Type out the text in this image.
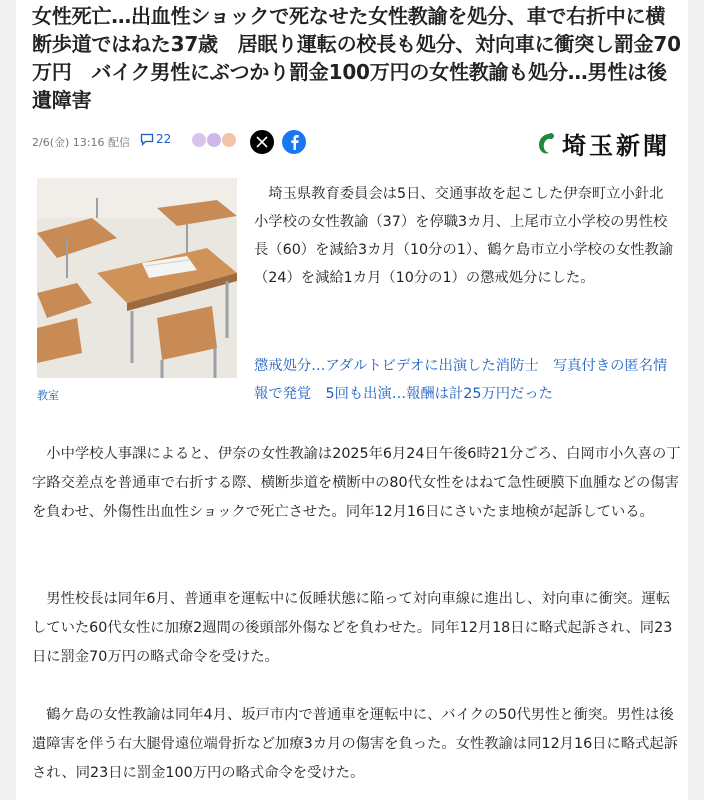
女性死亡…出血性ショックで死なせた女性教諭を処分、車で右折中に横断歩道ではねた37歳　居眠り運転の校長も処分、対向車に衝突し罰金70万円　バイク男性にぶつかり罰金100万円の女性教諭も処分…男性は後遺障害
2/6(金) 13:16 配信 22	埼玉新聞
教室

埼玉県教育委員会は5日、交通事故を起こした伊奈町立小針北小学校の女性教諭（37）を停職3カ月、上尾市立小学校の男性校長（60）を減給3カ月（10分の1）、鶴ケ島市立小学校の女性教諭（24）を減給1カ月（10分の1）の懲戒処分にした。

懲戒処分…アダルトビデオに出演した消防士　写真付きの匿名情報で発覚　5回も出演…報酬は計25万円だった

小中学校人事課によると、伊奈の女性教諭は2025年6月24日午後6時21分ごろ、白岡市小久喜の丁字路交差点を普通車で右折する際、横断歩道を横断中の80代女性をはねて急性硬膜下血腫などの傷害を負わせ、外傷性出血性ショックで死亡させた。同年12月16日にさいたま地検が起訴している。

男性校長は同年6月、普通車を運転中に仮睡状態に陥って対向車線に進出し、対向車に衝突。運転していた60代女性に加療2週間の後頭部外傷などを負わせた。同年12月18日に略式起訴され、同23日に罰金70万円の略式命令を受けた。

鶴ケ島の女性教諭は同年4月、坂戸市内で普通車を運転中に、バイクの50代男性と衝突。男性は後遺障害を伴う右大腿骨遠位端骨折など加療3カ月の傷害を負った。女性教諭は同12月16日に略式起訴され、同23日に罰金100万円の略式命令を受けた。
